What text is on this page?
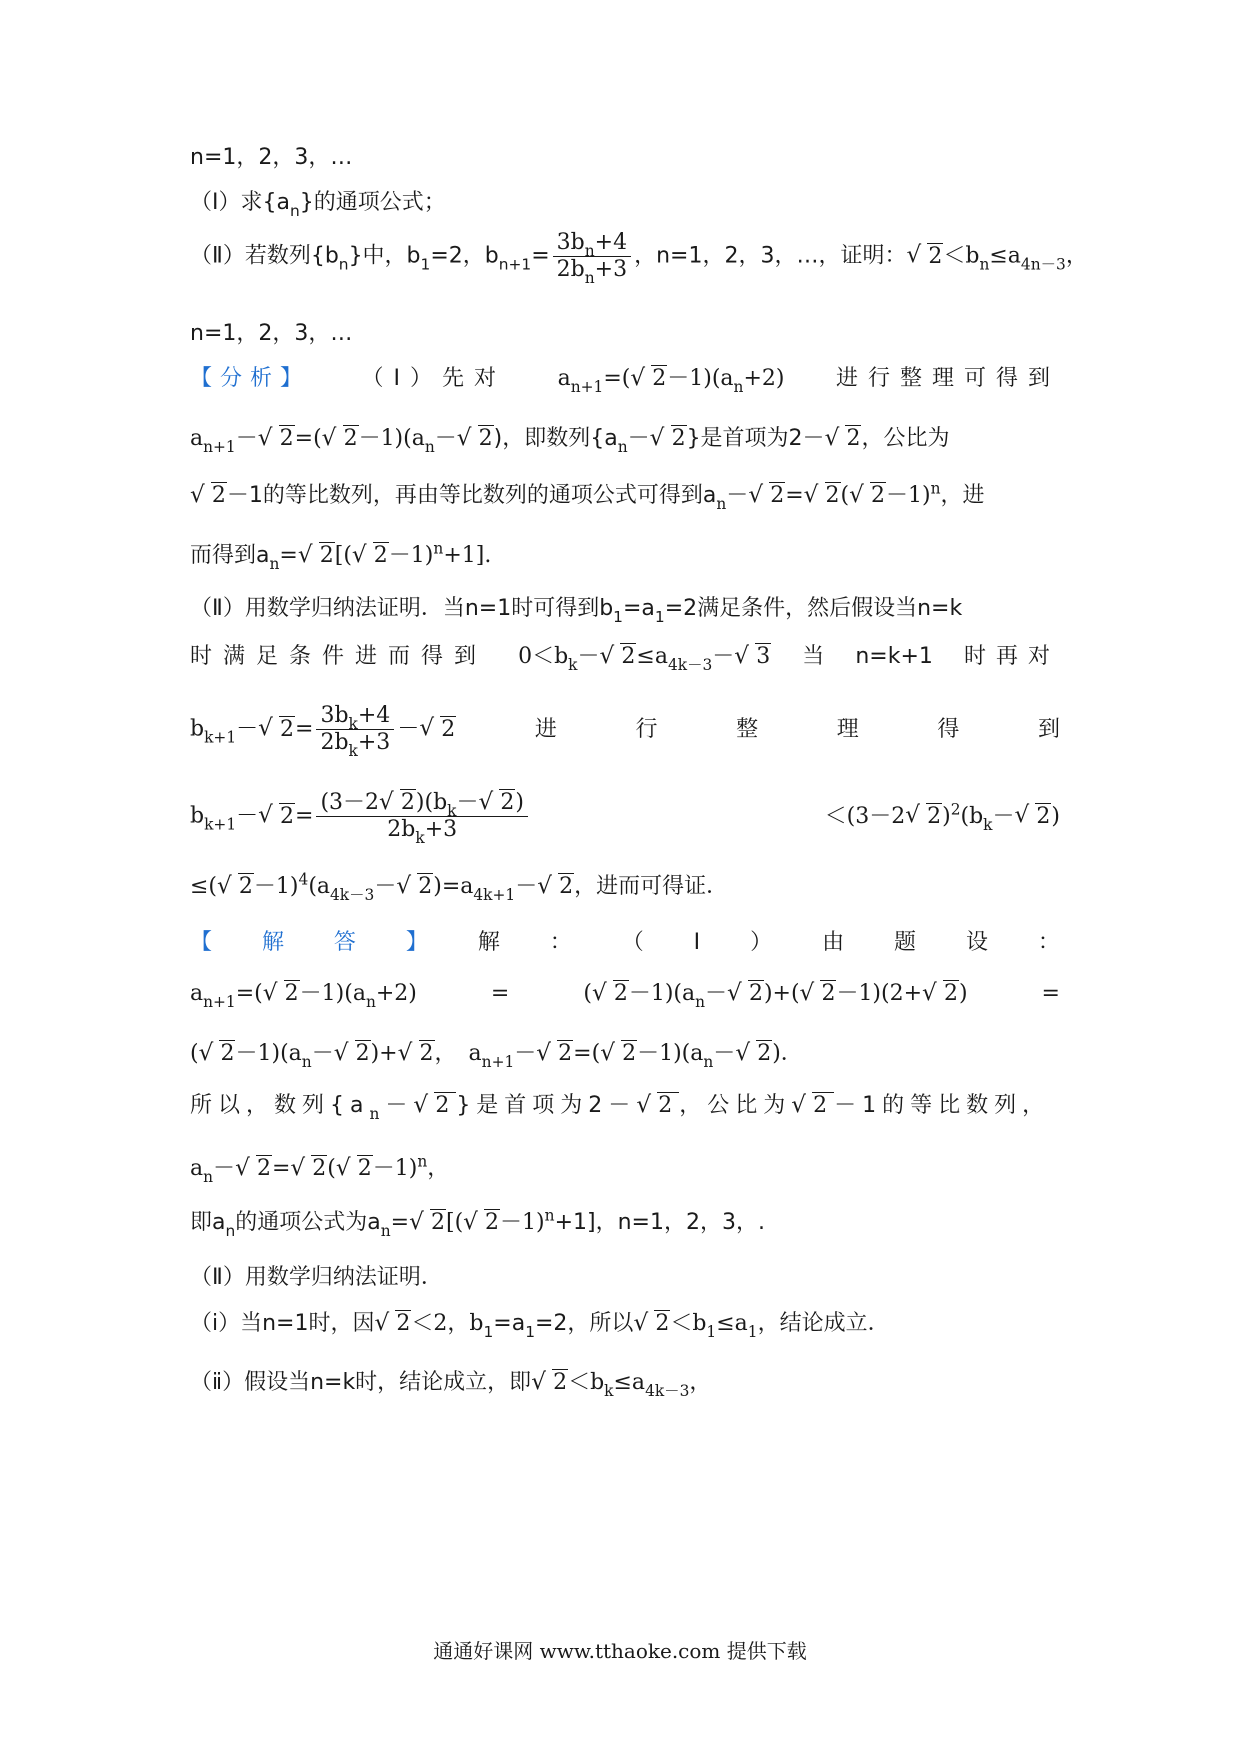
n=1，2，3，…
（Ⅰ）求$\{a_n\}$的通项公式；
（Ⅱ）若数列$\{b_n\}$中，$b_1=2$，$b_{n+1}= \frac{3b_n+4}{2b_n+3}$ ，n=1，2，3，…，证明：√ $2<b_n\le a_{4n-3}$，
n=1，2，3，…
【分析】 （Ⅰ）先对 $a_{n+1}=(√$ $2-1)(a_n+2)$ 进行整理可得到
$a_{n+1}-√$ 2=(√ $2-1)(a_n-√$ 2)，即数列{$a_n-√$ 2}是首项为2－√ 2，公比为
√ 2－1的等比数列，再由等比数列的通项公式可得到$a_n-√$ 2=√ 2(√ 2－1)$^n$，进
而得到$a_n=√$ 2[(√ 2－1)$^n$+1].
（Ⅱ）用数学归纳法证明．当n=1时可得到$b_1=a_1=2$满足条件，然后假设当n=k
时满足条件进而得到 $0<b_k-√$ $2\le a_{4k-3}-√$ 3 当 n=k+1 时再对
$b_{k+1}-√$ $2= \frac{3b_k+4}{2b_k+3}$ －√ 2	进	行	整	理	得	到
$b_{k+1}-√$ $2= \frac{(3-2√ 2)(b_k-√ 2)}{2b_k+3}$	＜(3－2√ $2)^2(b_k-√$ 2)
≤(√ $2-1)^4(a_{4k-3}-√$ $2)=a_{4k+1}-√$ 2，进而可得证．
【 解 答 】 解 ： （ Ⅰ ） 由 题 设 ：
$a_{n+1}=(√$ $2-1)(a_n+2)$	=	(√ $2-1)(a_n-√$ 2)+(√ 2－1)(2+√ 2)	=
(√ $2-1)(a_n-√$ 2)+√ 2， $a_{n+1}-√$ 2=(√ $2-1)(a_n-√$ 2)．
所以，数列{$a_n-√$ 2}是首项为2－√ 2，公比为√ 2－1的等比数列，
$a_n-√$ 2=√ 2(√ 2－1)$^n$，
即$a_n$的通项公式为$a_n=√$ 2[(√ 2－1)$^n$+1]，n=1，2，3，.
（Ⅱ）用数学归纳法证明．
（ⅰ）当n=1时，因√ 2＜2，$b_1=a_1=2$，所以√ $2<b_1\le a_1$，结论成立．
（ⅱ）假设当n=k时，结论成立，即√ $2<b_k\le a_{4k-3}$，
通通好课网 www.tthaoke.com 提供下载
